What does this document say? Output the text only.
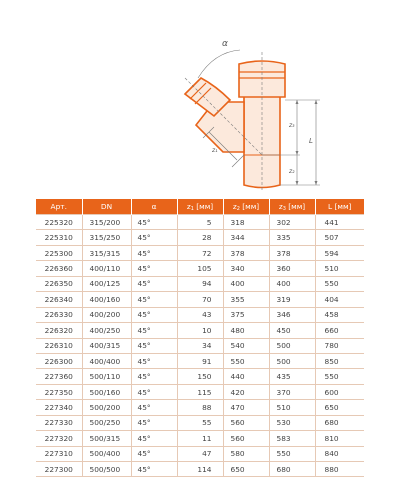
α
z₃
z₂
L
z₁
Арт.	DN	α	$z_1$ [мм]	$z_2$ [мм]	$z_3$ [мм]	L [мм]
225320	315/200	45°	5	318	302	441
225310	315/250	45°	28	344	335	507
225300	315/315	45°	72	378	378	594
226360	400/110	45°	105	340	360	510
226350	400/125	45°	94	400	400	550
226340	400/160	45°	70	355	319	404
226330	400/200	45°	43	375	346	458
226320	400/250	45°	10	480	450	660
226310	400/315	45°	34	540	500	780
226300	400/400	45°	91	550	500	850
227360	500/110	45°	150	440	435	550
227350	500/160	45°	115	420	370	600
227340	500/200	45°	88	470	510	650
227330	500/250	45°	55	560	530	680
227320	500/315	45°	11	560	583	810
227310	500/400	45°	47	580	550	840
227300	500/500	45°	114	650	680	880
